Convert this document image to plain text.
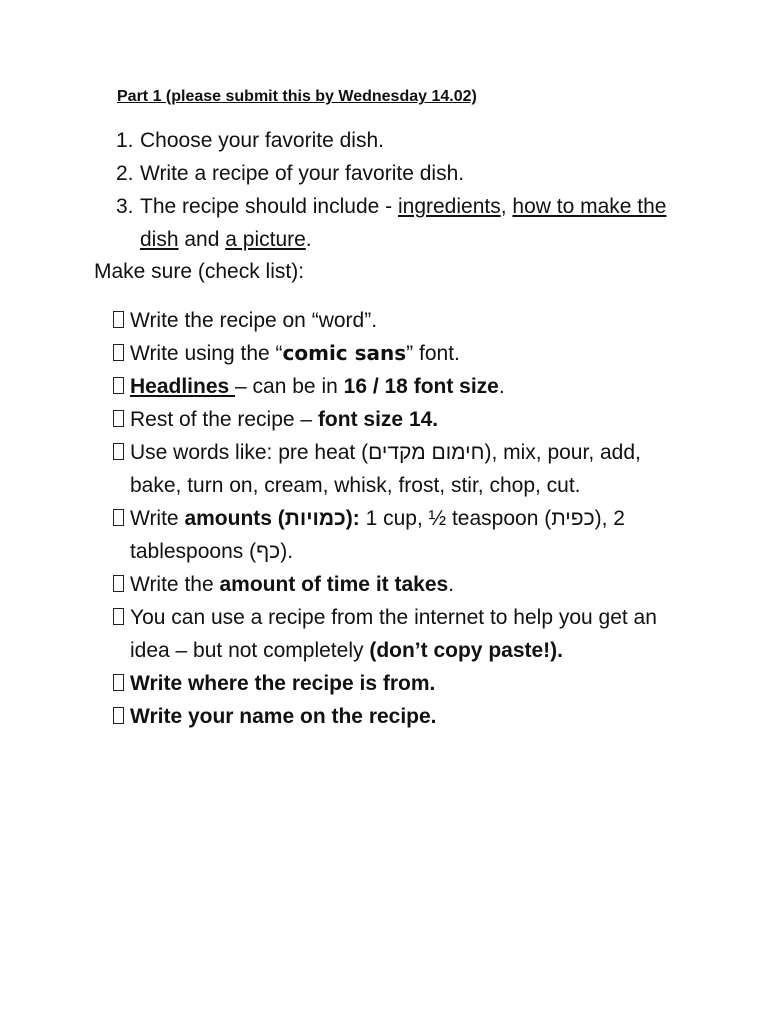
Part 1 (please submit this by Wednesday 14.02)
1. Choose your favorite dish.
2. Write a recipe of your favorite dish.
3. The recipe should include - ingredients, how to make the dish and a picture.
Make sure (check list):
Write the recipe on “word”.
Write using the “comic sans” font.
Headlines – can be in 16 / 18 font size.
Rest of the recipe – font size 14.
Use words like: pre heat (חימום מקדים), mix, pour, add, bake, turn on, cream, whisk, frost, stir, chop, cut.
Write amounts (כמויות): 1 cup, ½ teaspoon (כפית), 2 tablespoons (כף).
Write the amount of time it takes.
You can use a recipe from the internet to help you get an idea – but not completely (don’t copy paste!).
Write where the recipe is from.
Write your name on the recipe.
